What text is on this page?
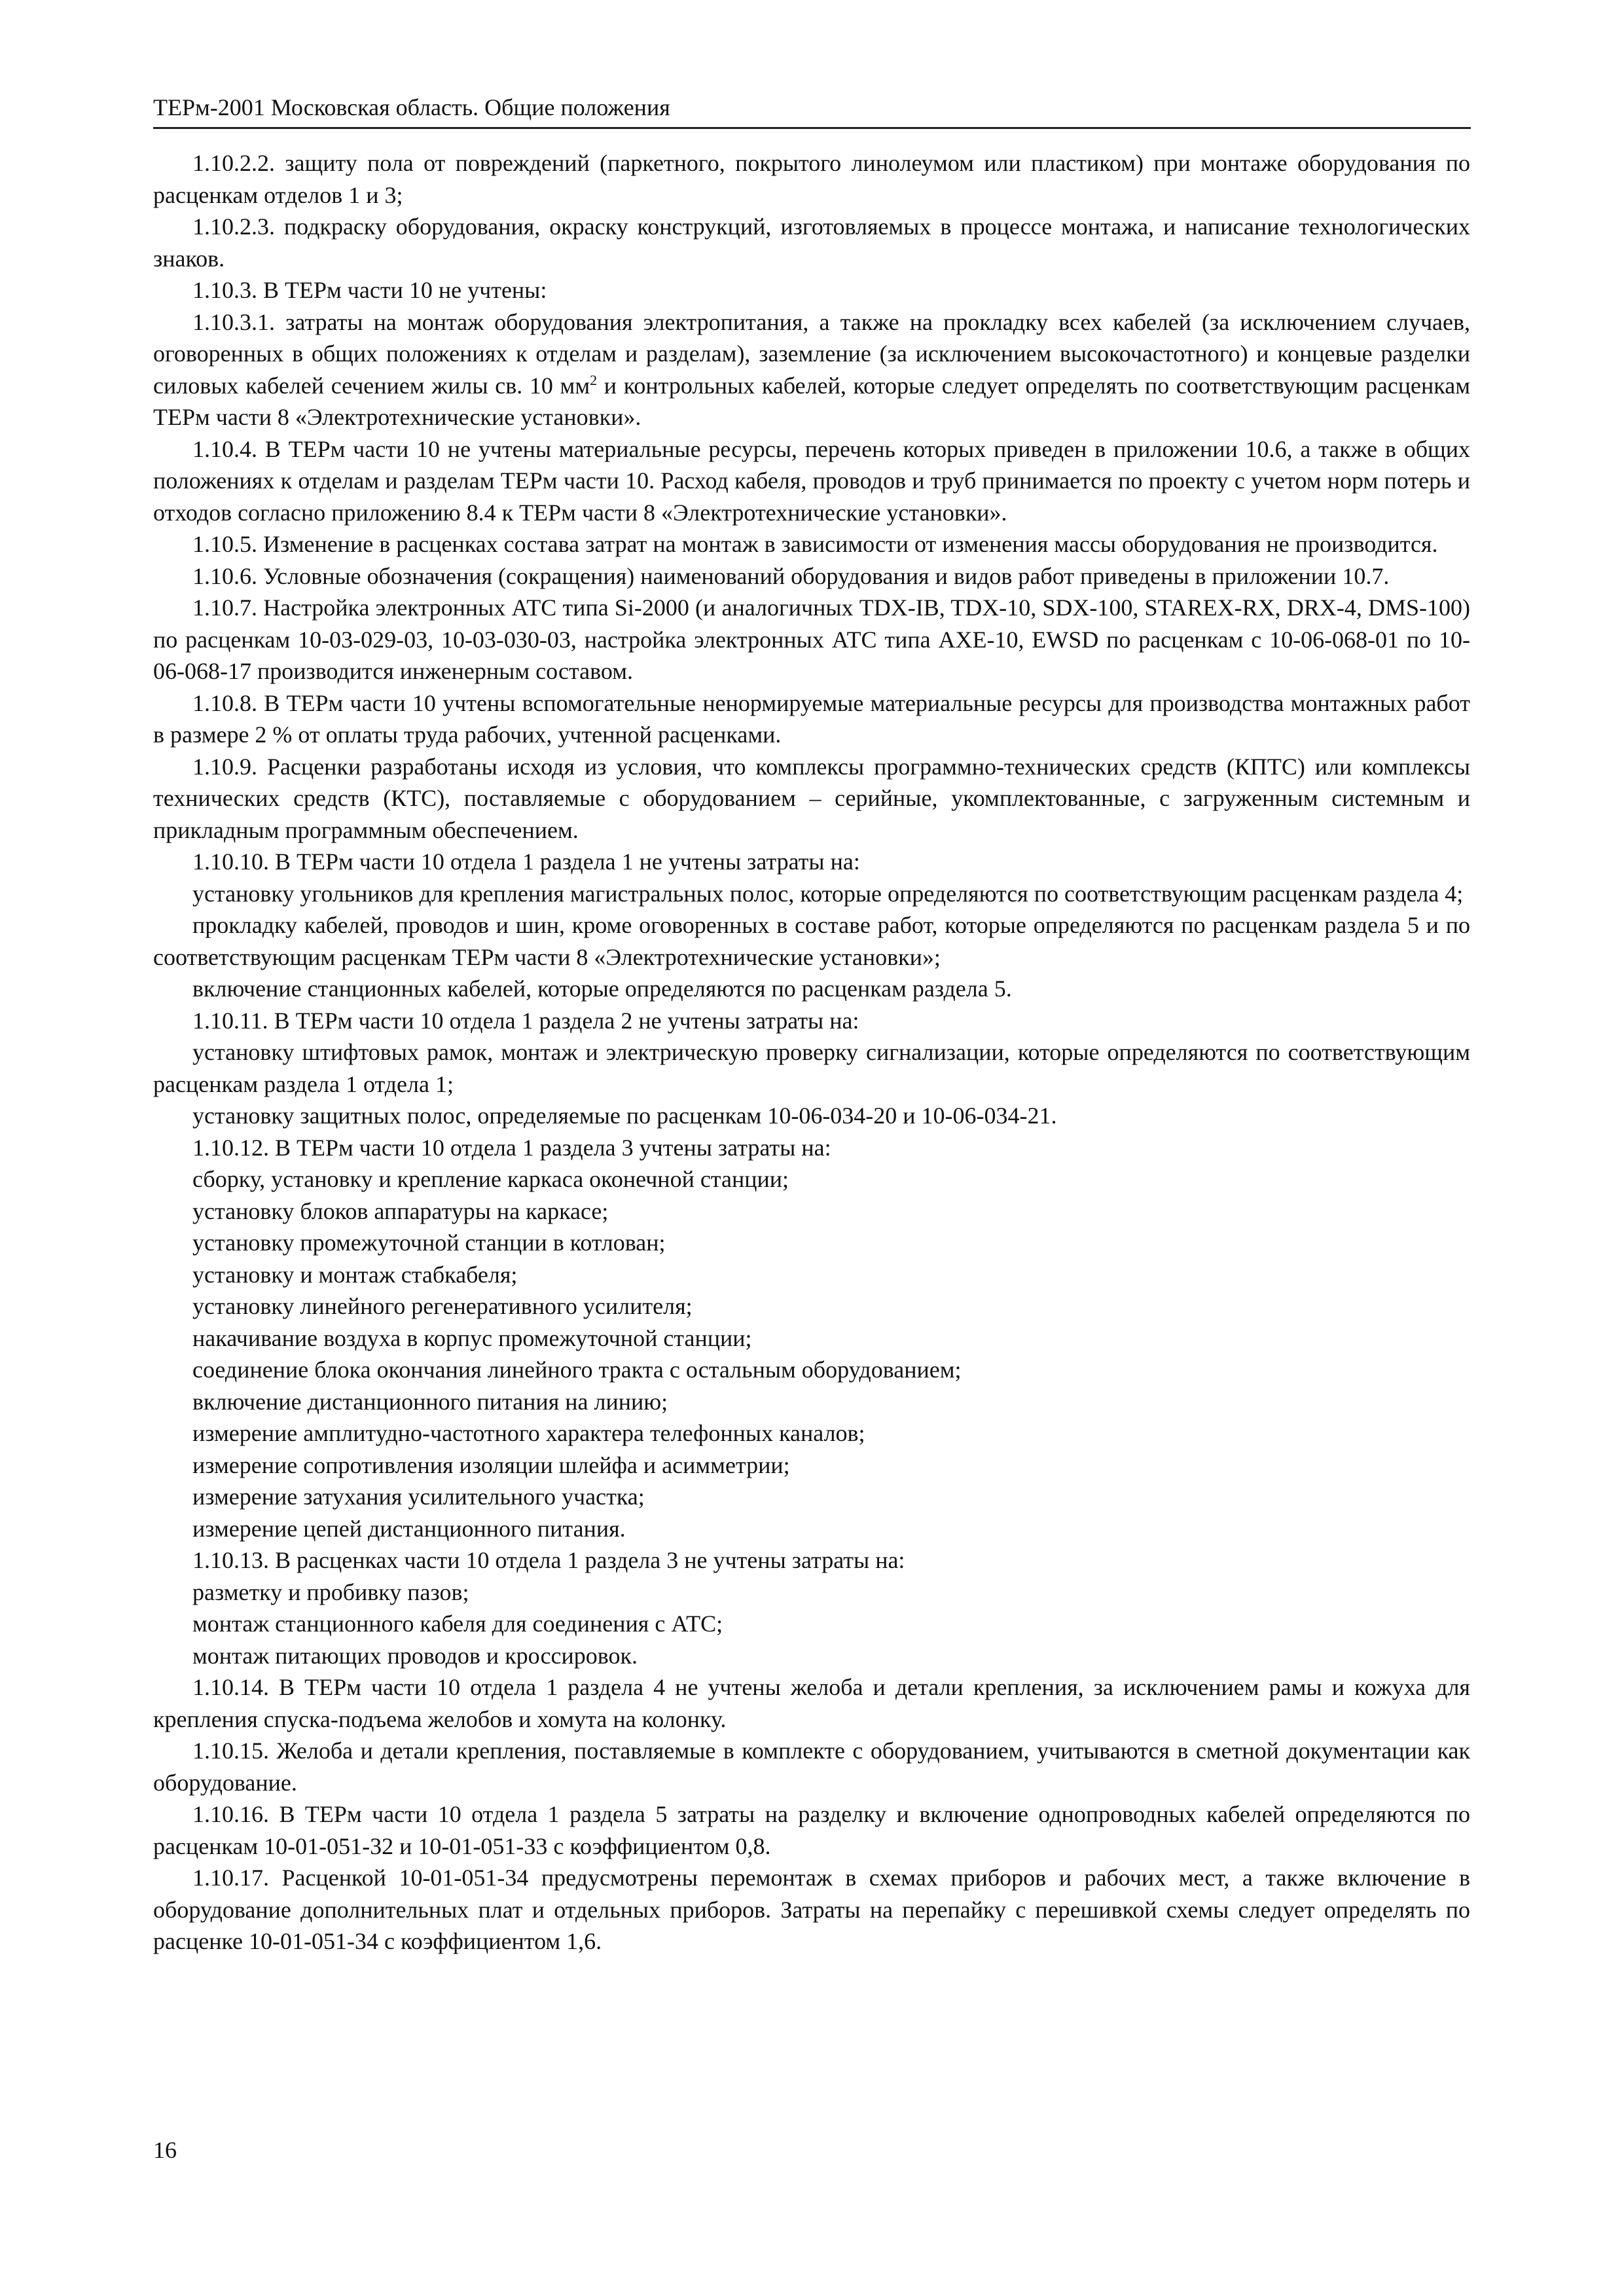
ТЕРм-2001 Московская область. Общие положения

1.10.2.2. защиту пола от повреждений (паркетного, покрытого линолеумом или пластиком) при монтаже оборудования по расценкам отделов 1 и 3;

1.10.2.3. подкраску оборудования, окраску конструкций, изготовляемых в процессе монтажа, и написание технологических знаков.

1.10.3. В ТЕРм части 10 не учтены:

1.10.3.1. затраты на монтаж оборудования электропитания, а также на прокладку всех кабелей (за исключением случаев, оговоренных в общих положениях к отделам и разделам), заземление (за исключением высокочастотного) и концевые разделки силовых кабелей сечением жилы св. 10 $мм^2$ и контрольных кабелей, которые следует определять по соответствующим расценкам ТЕРм части 8 «Электротехнические установки».

1.10.4. В ТЕРм части 10 не учтены материальные ресурсы, перечень которых приведен в приложении 10.6, а также в общих положениях к отделам и разделам ТЕРм части 10. Расход кабеля, проводов и труб принимается по проекту с учетом норм потерь и отходов согласно приложению 8.4 к ТЕРм части 8 «Электротехнические установки».

1.10.5. Изменение в расценках состава затрат на монтаж в зависимости от изменения массы оборудования не производится.

1.10.6. Условные обозначения (сокращения) наименований оборудования и видов работ приведены в приложении 10.7.

1.10.7. Настройка электронных АТС типа Si-2000 (и аналогичных TDX-IB, TDX-10, SDX-100, STAREX-RX, DRX-4, DMS-100) по расценкам 10-03-029-03, 10-03-030-03, настройка электронных АТС типа AXE-10, EWSD по расценкам с 10-06-068-01 по 10-06-068-17 производится инженерным составом.

1.10.8. В ТЕРм части 10 учтены вспомогательные ненормируемые материальные ресурсы для производства монтажных работ в размере 2 % от оплаты труда рабочих, учтенной расценками.

1.10.9. Расценки разработаны исходя из условия, что комплексы программно-технических средств (КПТС) или комплексы технических средств (КТС), поставляемые с оборудованием – серийные, укомплектованные, с загруженным системным и прикладным программным обеспечением.

1.10.10. В ТЕРм части 10 отдела 1 раздела 1 не учтены затраты на:

установку угольников для крепления магистральных полос, которые определяются по соответствующим расценкам раздела 4;

прокладку кабелей, проводов и шин, кроме оговоренных в составе работ, которые определяются по расценкам раздела 5 и по соответствующим расценкам ТЕРм части 8 «Электротехнические установки»;

включение станционных кабелей, которые определяются по расценкам раздела 5.

1.10.11. В ТЕРм части 10 отдела 1 раздела 2 не учтены затраты на:

установку штифтовых рамок, монтаж и электрическую проверку сигнализации, которые определяются по соответствующим расценкам раздела 1 отдела 1;

установку защитных полос, определяемые по расценкам 10-06-034-20 и 10-06-034-21.

1.10.12. В ТЕРм части 10 отдела 1 раздела 3 учтены затраты на:

сборку, установку и крепление каркаса оконечной станции;

установку блоков аппаратуры на каркасе;

установку промежуточной станции в котлован;

установку и монтаж стабкабеля;

установку линейного регенеративного усилителя;

накачивание воздуха в корпус промежуточной станции;

соединение блока окончания линейного тракта с остальным оборудованием;

включение дистанционного питания на линию;

измерение амплитудно-частотного характера телефонных каналов;

измерение сопротивления изоляции шлейфа и асимметрии;

измерение затухания усилительного участка;

измерение цепей дистанционного питания.

1.10.13. В расценках части 10 отдела 1 раздела 3 не учтены затраты на:

разметку и пробивку пазов;

монтаж станционного кабеля для соединения с АТС;

монтаж питающих проводов и кроссировок.

1.10.14. В ТЕРм части 10 отдела 1 раздела 4 не учтены желоба и детали крепления, за исключением рамы и кожуха для крепления спуска-подъема желобов и хомута на колонку.

1.10.15. Желоба и детали крепления, поставляемые в комплекте с оборудованием, учитываются в сметной документации как оборудование.

1.10.16. В ТЕРм части 10 отдела 1 раздела 5 затраты на разделку и включение однопроводных кабелей определяются по расценкам 10-01-051-32 и 10-01-051-33 с коэффициентом 0,8.

1.10.17. Расценкой 10-01-051-34 предусмотрены перемонтаж в схемах приборов и рабочих мест, а также включение в оборудование дополнительных плат и отдельных приборов. Затраты на перепайку с перешивкой схемы следует определять по расценке 10-01-051-34 с коэффициентом 1,6.

16
